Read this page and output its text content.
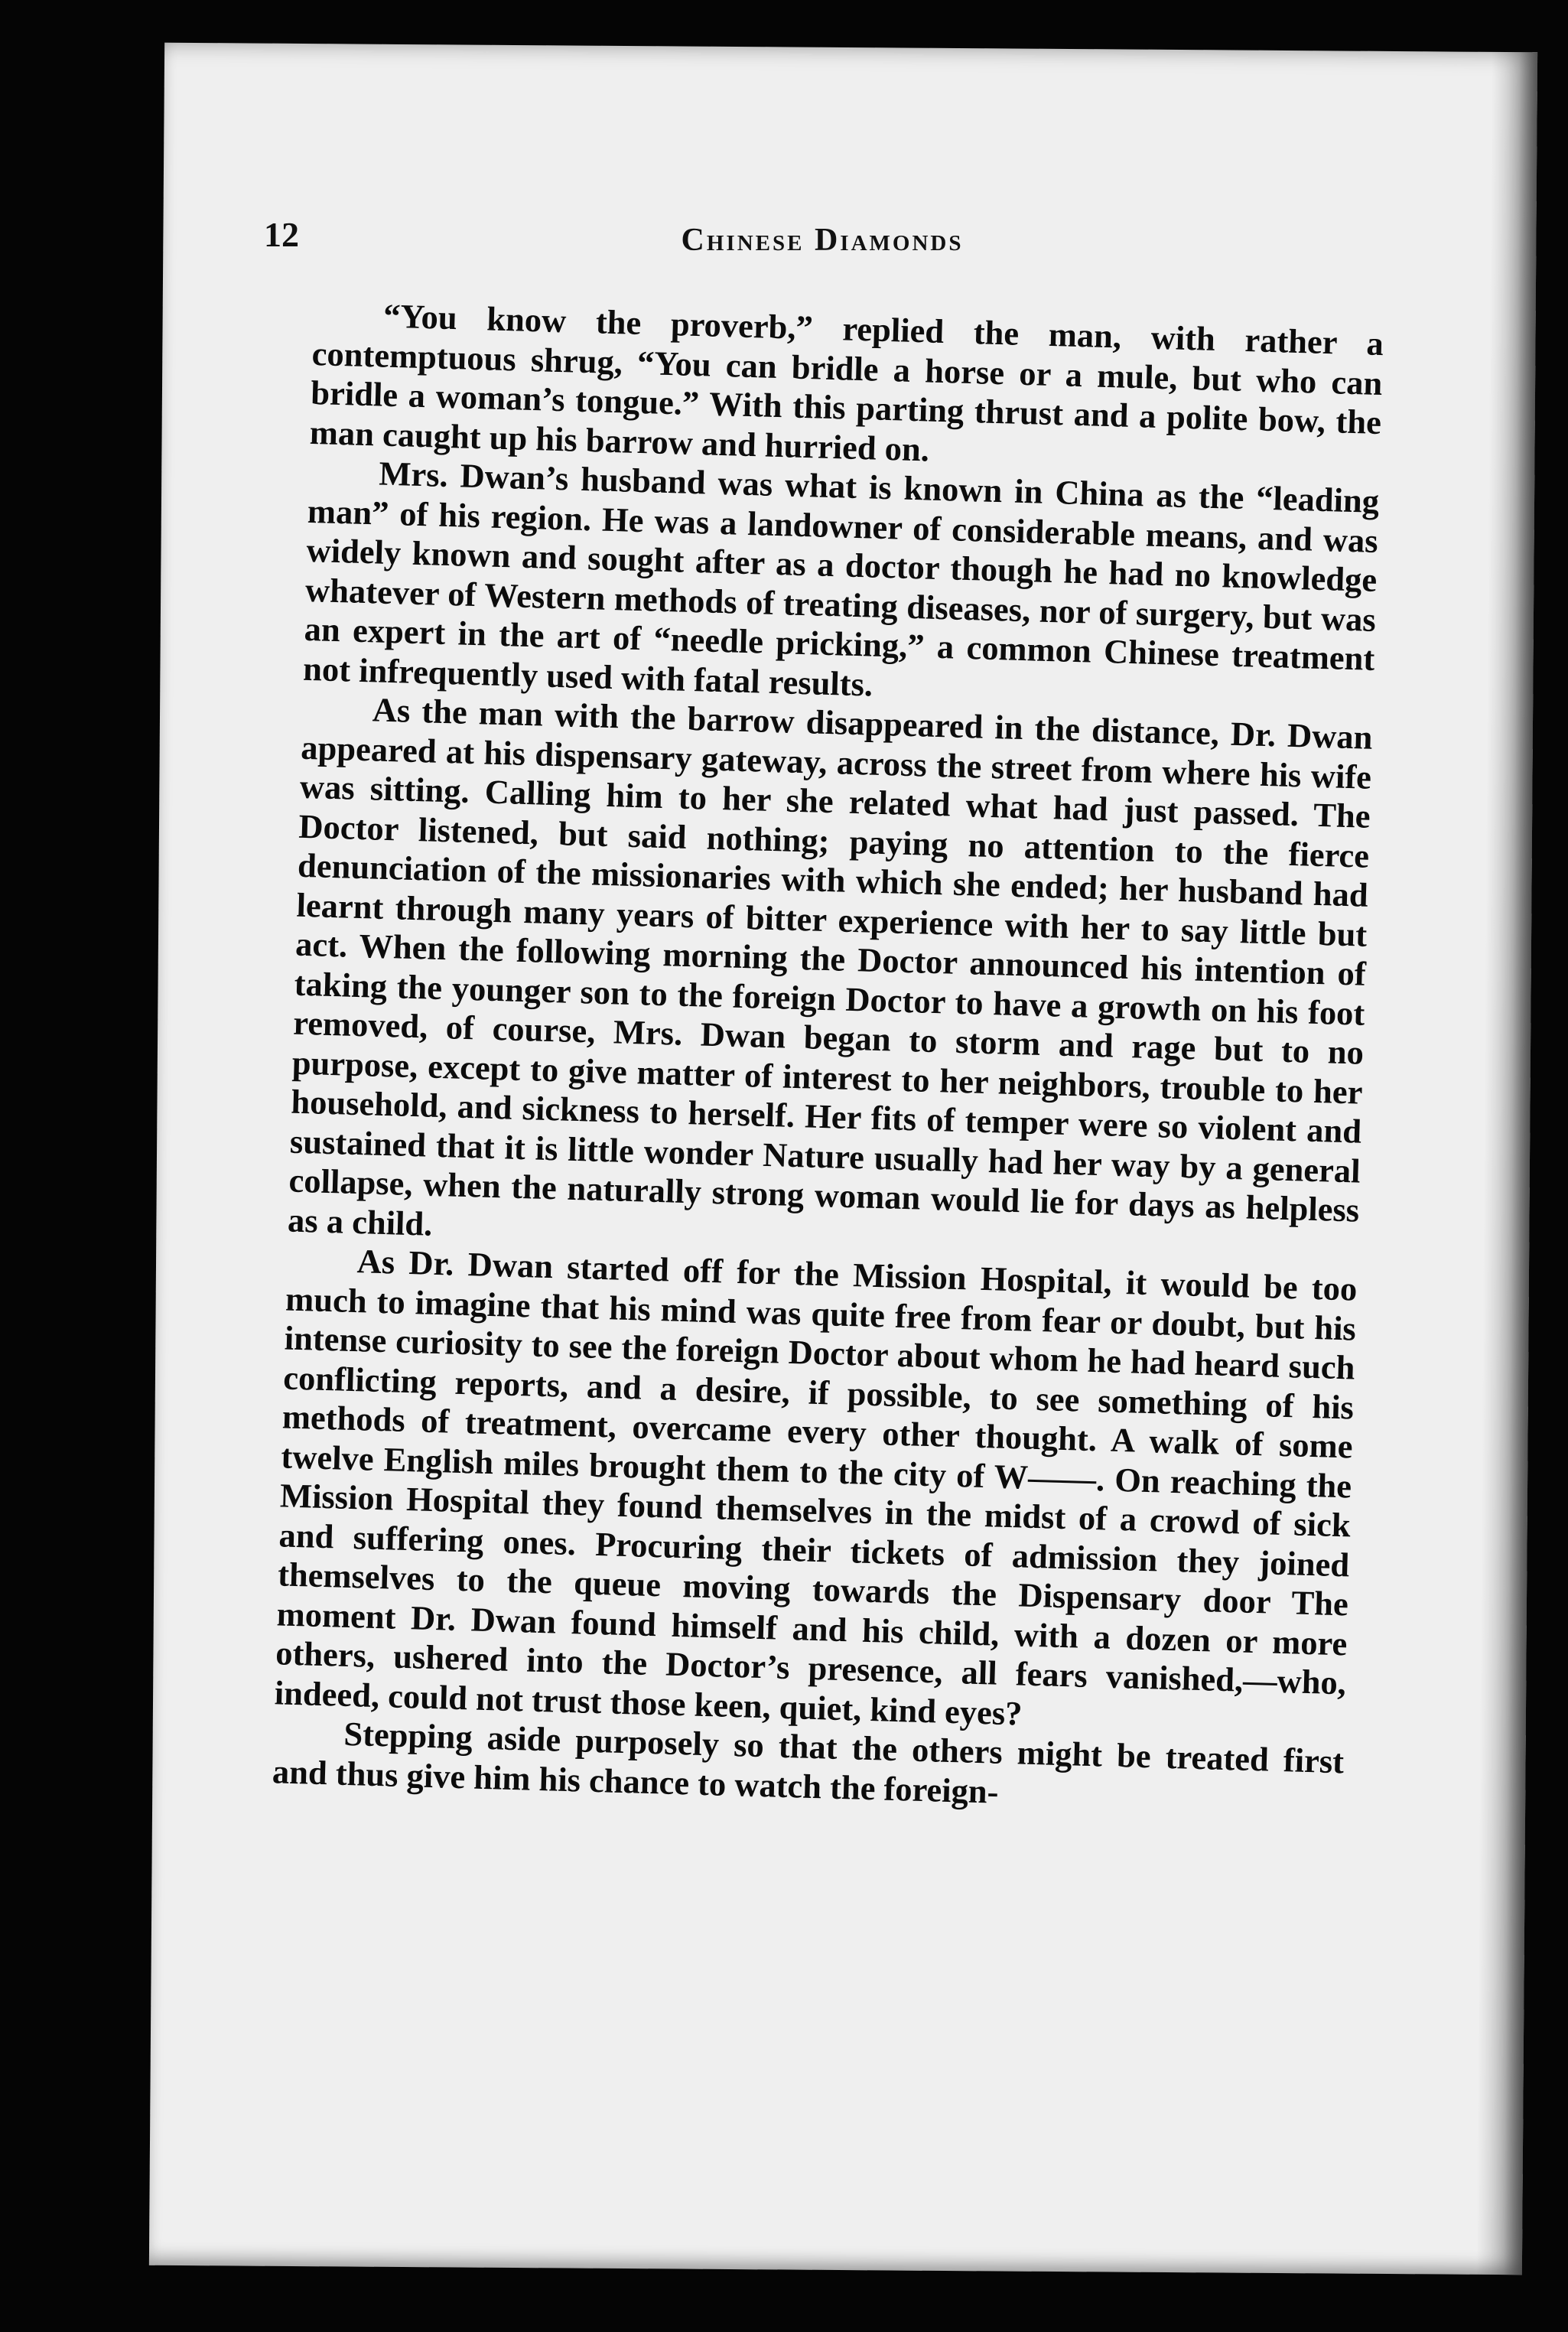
12	Chinese Diamonds

“You know the proverb,” replied the man, with rather a contemptuous shrug, “You can bridle a horse or a mule, but who can bridle a woman’s tongue.” With this parting thrust and a polite bow, the man caught up his barrow and hurried on.

Mrs. Dwan’s husband was what is known in China as the “leading man” of his region. He was a landowner of considerable means, and was widely known and sought after as a doctor though he had no knowledge whatever of Western methods of treating diseases, nor of surgery, but was an expert in the art of “needle pricking,” a common Chinese treatment not infrequently used with fatal results.

As the man with the barrow disappeared in the distance, Dr. Dwan appeared at his dispensary gateway, across the street from where his wife was sitting. Calling him to her she related what had just passed. The Doctor listened, but said nothing; paying no attention to the fierce denunciation of the missionaries with which she ended; her husband had learnt through many years of bitter experience with her to say little but act. When the following morning the Doctor announced his intention of taking the younger son to the foreign Doctor to have a growth on his foot removed, of course, Mrs. Dwan began to storm and rage but to no purpose, except to give matter of interest to her neighbors, trouble to her household, and sickness to herself. Her fits of temper were so violent and sustained that it is little wonder Nature usually had her way by a general collapse, when the naturally strong woman would lie for days as helpless as a child.

As Dr. Dwan started off for the Mission Hospital, it would be too much to imagine that his mind was quite free from fear or doubt, but his intense curiosity to see the foreign Doctor about whom he had heard such conflicting reports, and a desire, if possible, to see something of his methods of treatment, overcame every other thought. A walk of some twelve English miles brought them to the city of W——. On reaching the Mission Hospital they found themselves in the midst of a crowd of sick and suffering ones. Procuring their tickets of admission they joined themselves to the queue moving towards the Dispensary door The moment Dr. Dwan found himself and his child, with a dozen or more others, ushered into the Doctor’s presence, all fears vanished,—who, indeed, could not trust those keen, quiet, kind eyes?

Stepping aside purposely so that the others might be treated first and thus give him his chance to watch the foreign-
